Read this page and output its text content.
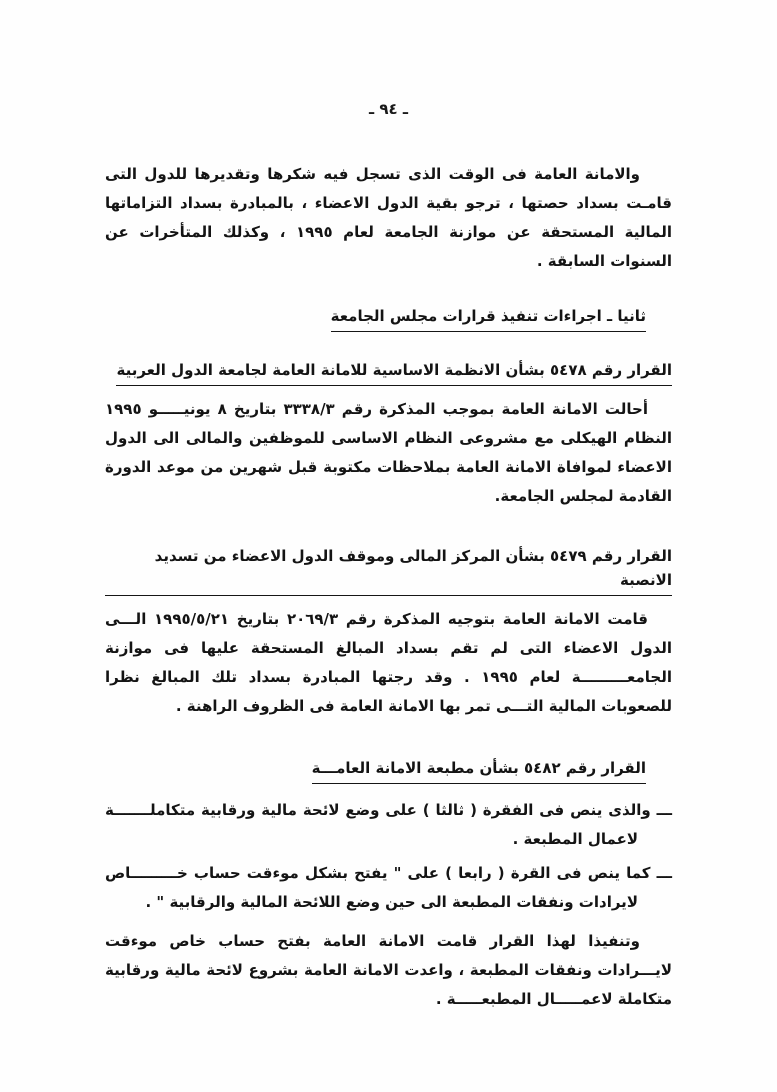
ـ ٩٤ ـ

والامانة العامة فى الوقت الذى تسجل فيه شكرها وتقديرها للدول التى قامـت بسداد حصتها ، ترجو بقية الدول الاعضاء ، بالمبادرة بسداد التزاماتها المالية المستحقة عن موازنة الجامعة لعام ١٩٩٥ ، وكذلك المتأخرات عن السنوات السابقة .

ثانيا ـ اجراءات تنفيذ قرارات مجلس الجامعة
القرار رقم ٥٤٧٨ بشأن الانظمة الاساسية للامانة العامة لجامعة الدول العربية

أحالت الامانة العامة بموجب المذكرة رقم ٣٣٣٨/٣ بتاريخ ٨ يونيـــــو ١٩٩٥ النظام الهيكلى مع مشروعى النظام الاساسى للموظفين والمالى الى الدول الاعضاء لموافاة الامانة العامة بملاحظات مكتوبة قبل شهرين من موعد الدورة القادمة لمجلس الجامعة.

القرار رقم ٥٤٧٩ بشأن المركز المالى وموقف الدول الاعضاء من تسديد الانصبة

قامت الامانة العامة بتوجيه المذكرة رقم ٢٠٦٩/٣ بتاريخ ١٩٩٥/٥/٢١ الـــى الدول الاعضاء التى لم تقم بسداد المبالغ المستحقة عليها فى موازنة الجامعـــــــــة لعام ١٩٩٥ . وقد رجتها المبادرة بسداد تلك المبالغ نظرا للصعوبات المالية التـــى تمر بها الامانة العامة فى الظروف الراهنة .

القرار رقم ٥٤٨٢ بشأن مطبعة الامانة العامـــة

ـــ والذى ينص فى الفقرة ( ثالثا ) على وضع لائحة مالية ورقابية متكاملـــــــة لاعمال المطبعة .

ـــ كما ينص فى القرة ( رابعا ) على " يفتح بشكل موءقت حساب خـــــــــاص لايرادات ونفقات المطبعة الى حين وضع اللائحة المالية والرقابية " .

وتنفيذا لهذا القرار قامت الامانة العامة بفتح حساب خاص موءقت لايـــرادات ونفقات المطبعة ، واعدت الامانة العامة بشروع لائحة مالية ورقابية متكاملة لاعمـــــال المطبعـــــة .
